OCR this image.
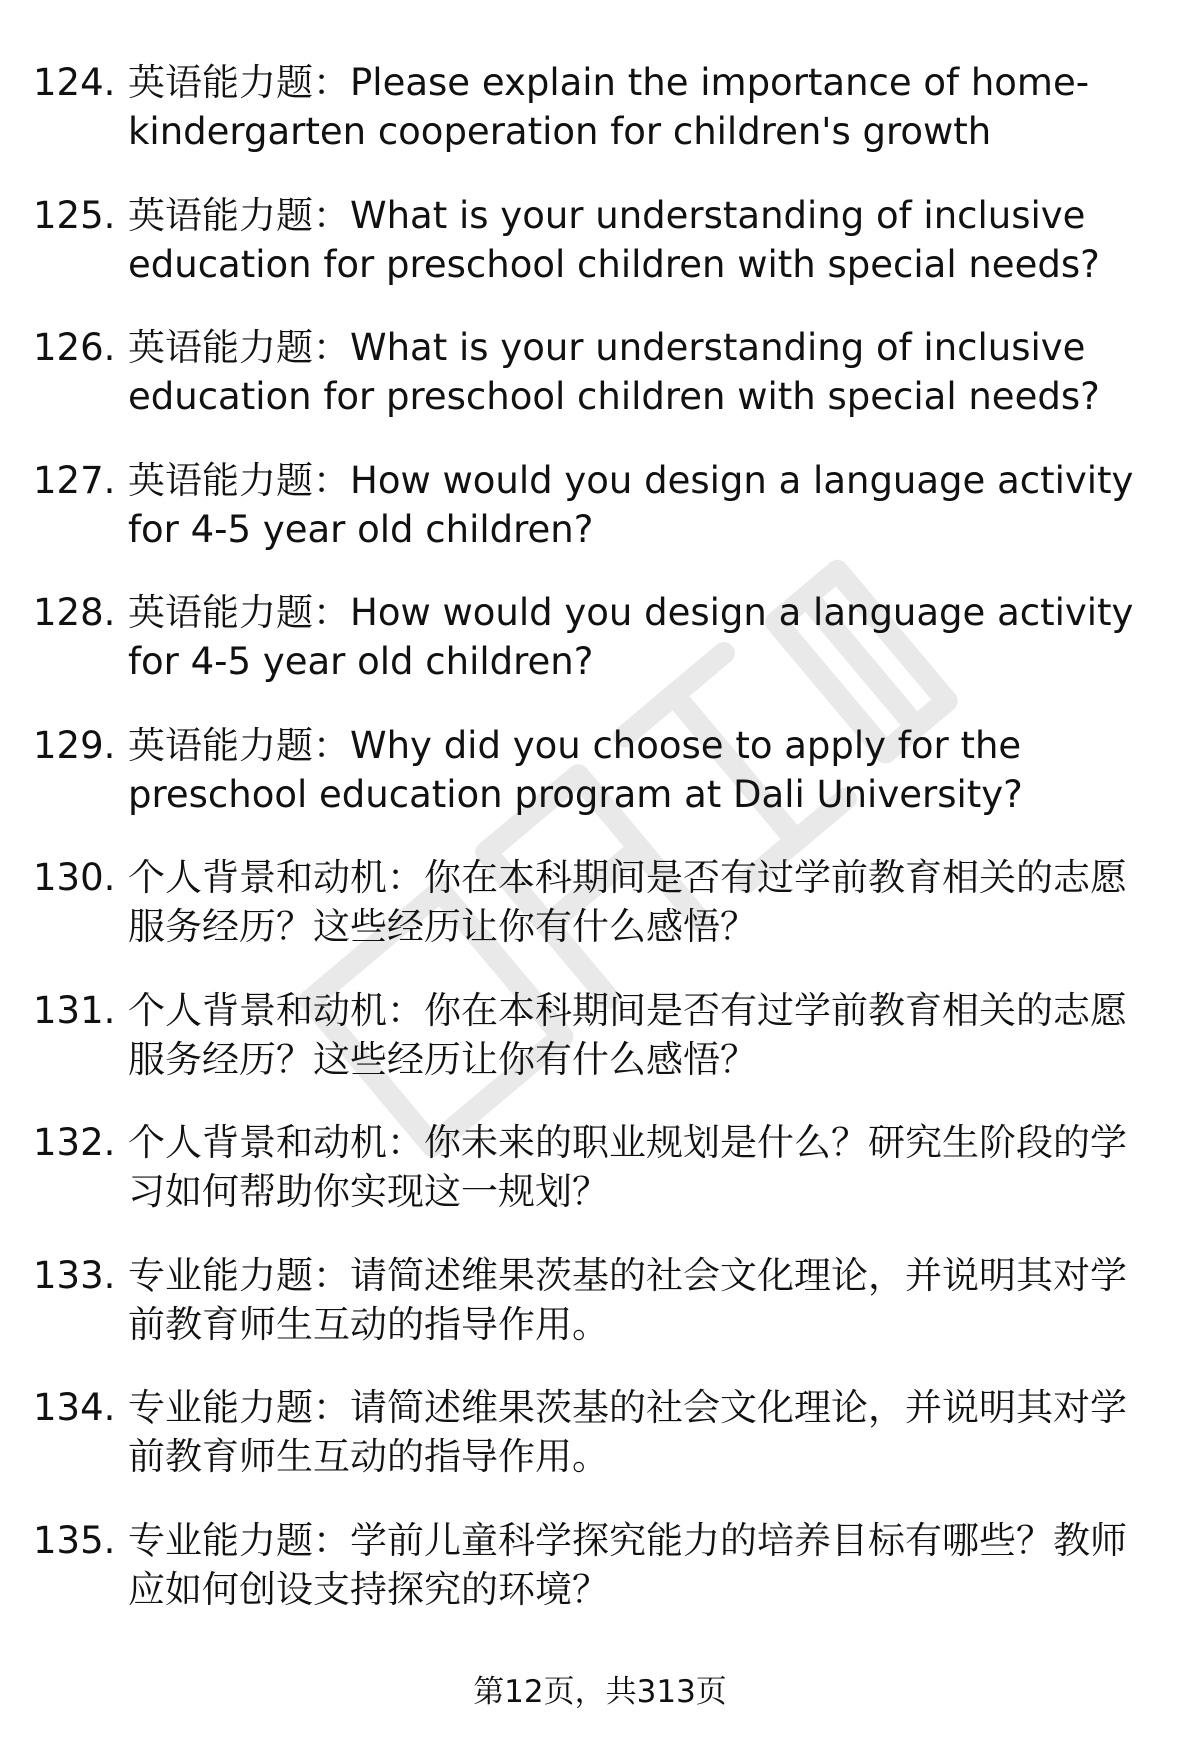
124. 英语能力题：Please explain the importance of home-kindergarten cooperation for children's growth
125. 英语能力题：What is your understanding of inclusive education for preschool children with special needs?
126. 英语能力题：What is your understanding of inclusive education for preschool children with special needs?
127. 英语能力题：How would you design a language activity for 4-5 year old children?
128. 英语能力题：How would you design a language activity for 4-5 year old children?
129. 英语能力题：Why did you choose to apply for the preschool education program at Dali University?
130. 个人背景和动机：你在本科期间是否有过学前教育相关的志愿服务经历？这些经历让你有什么感悟？
131. 个人背景和动机：你在本科期间是否有过学前教育相关的志愿服务经历？这些经历让你有什么感悟？
132. 个人背景和动机：你未来的职业规划是什么？研究生阶段的学习如何帮助你实现这一规划？
133. 专业能力题：请简述维果茨基的社会文化理论，并说明其对学前教育师生互动的指导作用。
134. 专业能力题：请简述维果茨基的社会文化理论，并说明其对学前教育师生互动的指导作用。
135. 专业能力题：学前儿童科学探究能力的培养目标有哪些？教师应如何创设支持探究的环境？
第12页，共313页
